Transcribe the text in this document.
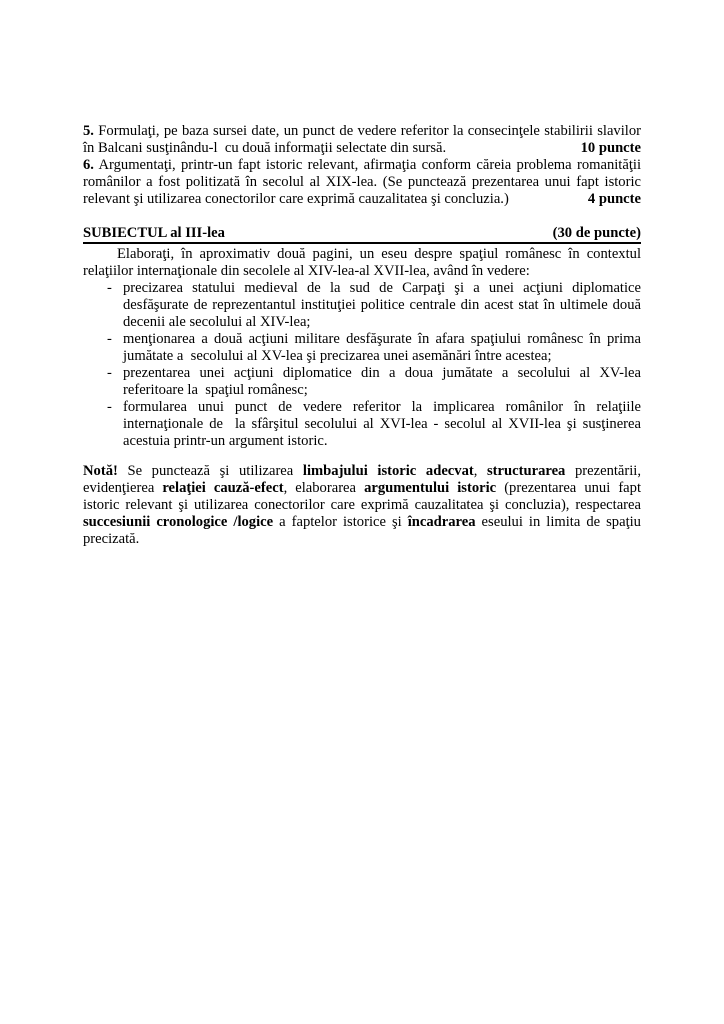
5. Formulaţi, pe baza sursei date, un punct de vedere referitor la consecinţele stabilirii slavilor în Balcani susţinându-l  cu două informaţii selectate din sursă.	10 puncte

6. Argumentaţi, printr-un fapt istoric relevant, afirmaţia conform căreia problema romanităţii românilor a fost politizată în secolul al XIX-lea. (Se punctează prezentarea unui fapt istoric relevant şi utilizarea conectorilor care exprimă cauzalitatea şi concluzia.)	4 puncte

SUBIECTUL al III-lea	(30 de puncte)

Elaboraţi, în aproximativ două pagini, un eseu despre spaţiul românesc în contextul relaţiilor internaţionale din secolele al XIV-lea-al XVII-lea, având în vedere:

- precizarea statului medieval de la sud de Carpaţi şi a unei acţiuni diplomatice desfăşurate de reprezentantul instituţiei politice centrale din acest stat în ultimele două decenii ale secolului al XIV-lea;
- menţionarea a două acţiuni militare desfăşurate în afara spaţiului românesc în prima jumătate a  secolului al XV-lea şi precizarea unei asemănări între acestea;
- prezentarea unei acţiuni diplomatice din a doua jumătate a secolului al XV-lea referitoare la  spaţiul românesc;
- formularea unui punct de vedere referitor la implicarea românilor în relaţiile internaţionale de  la sfârşitul secolului al XVI-lea - secolul al XVII-lea şi susţinerea acestuia printr-un argument istoric.

Notă! Se punctează şi utilizarea limbajului istoric adecvat, structurarea prezentării, evidenţierea relaţiei cauză-efect, elaborarea argumentului istoric (prezentarea unui fapt istoric relevant şi utilizarea conectorilor care exprimă cauzalitatea şi concluzia), respectarea succesiunii cronologice /logice a faptelor istorice şi încadrarea eseului in limita de spaţiu precizată.
